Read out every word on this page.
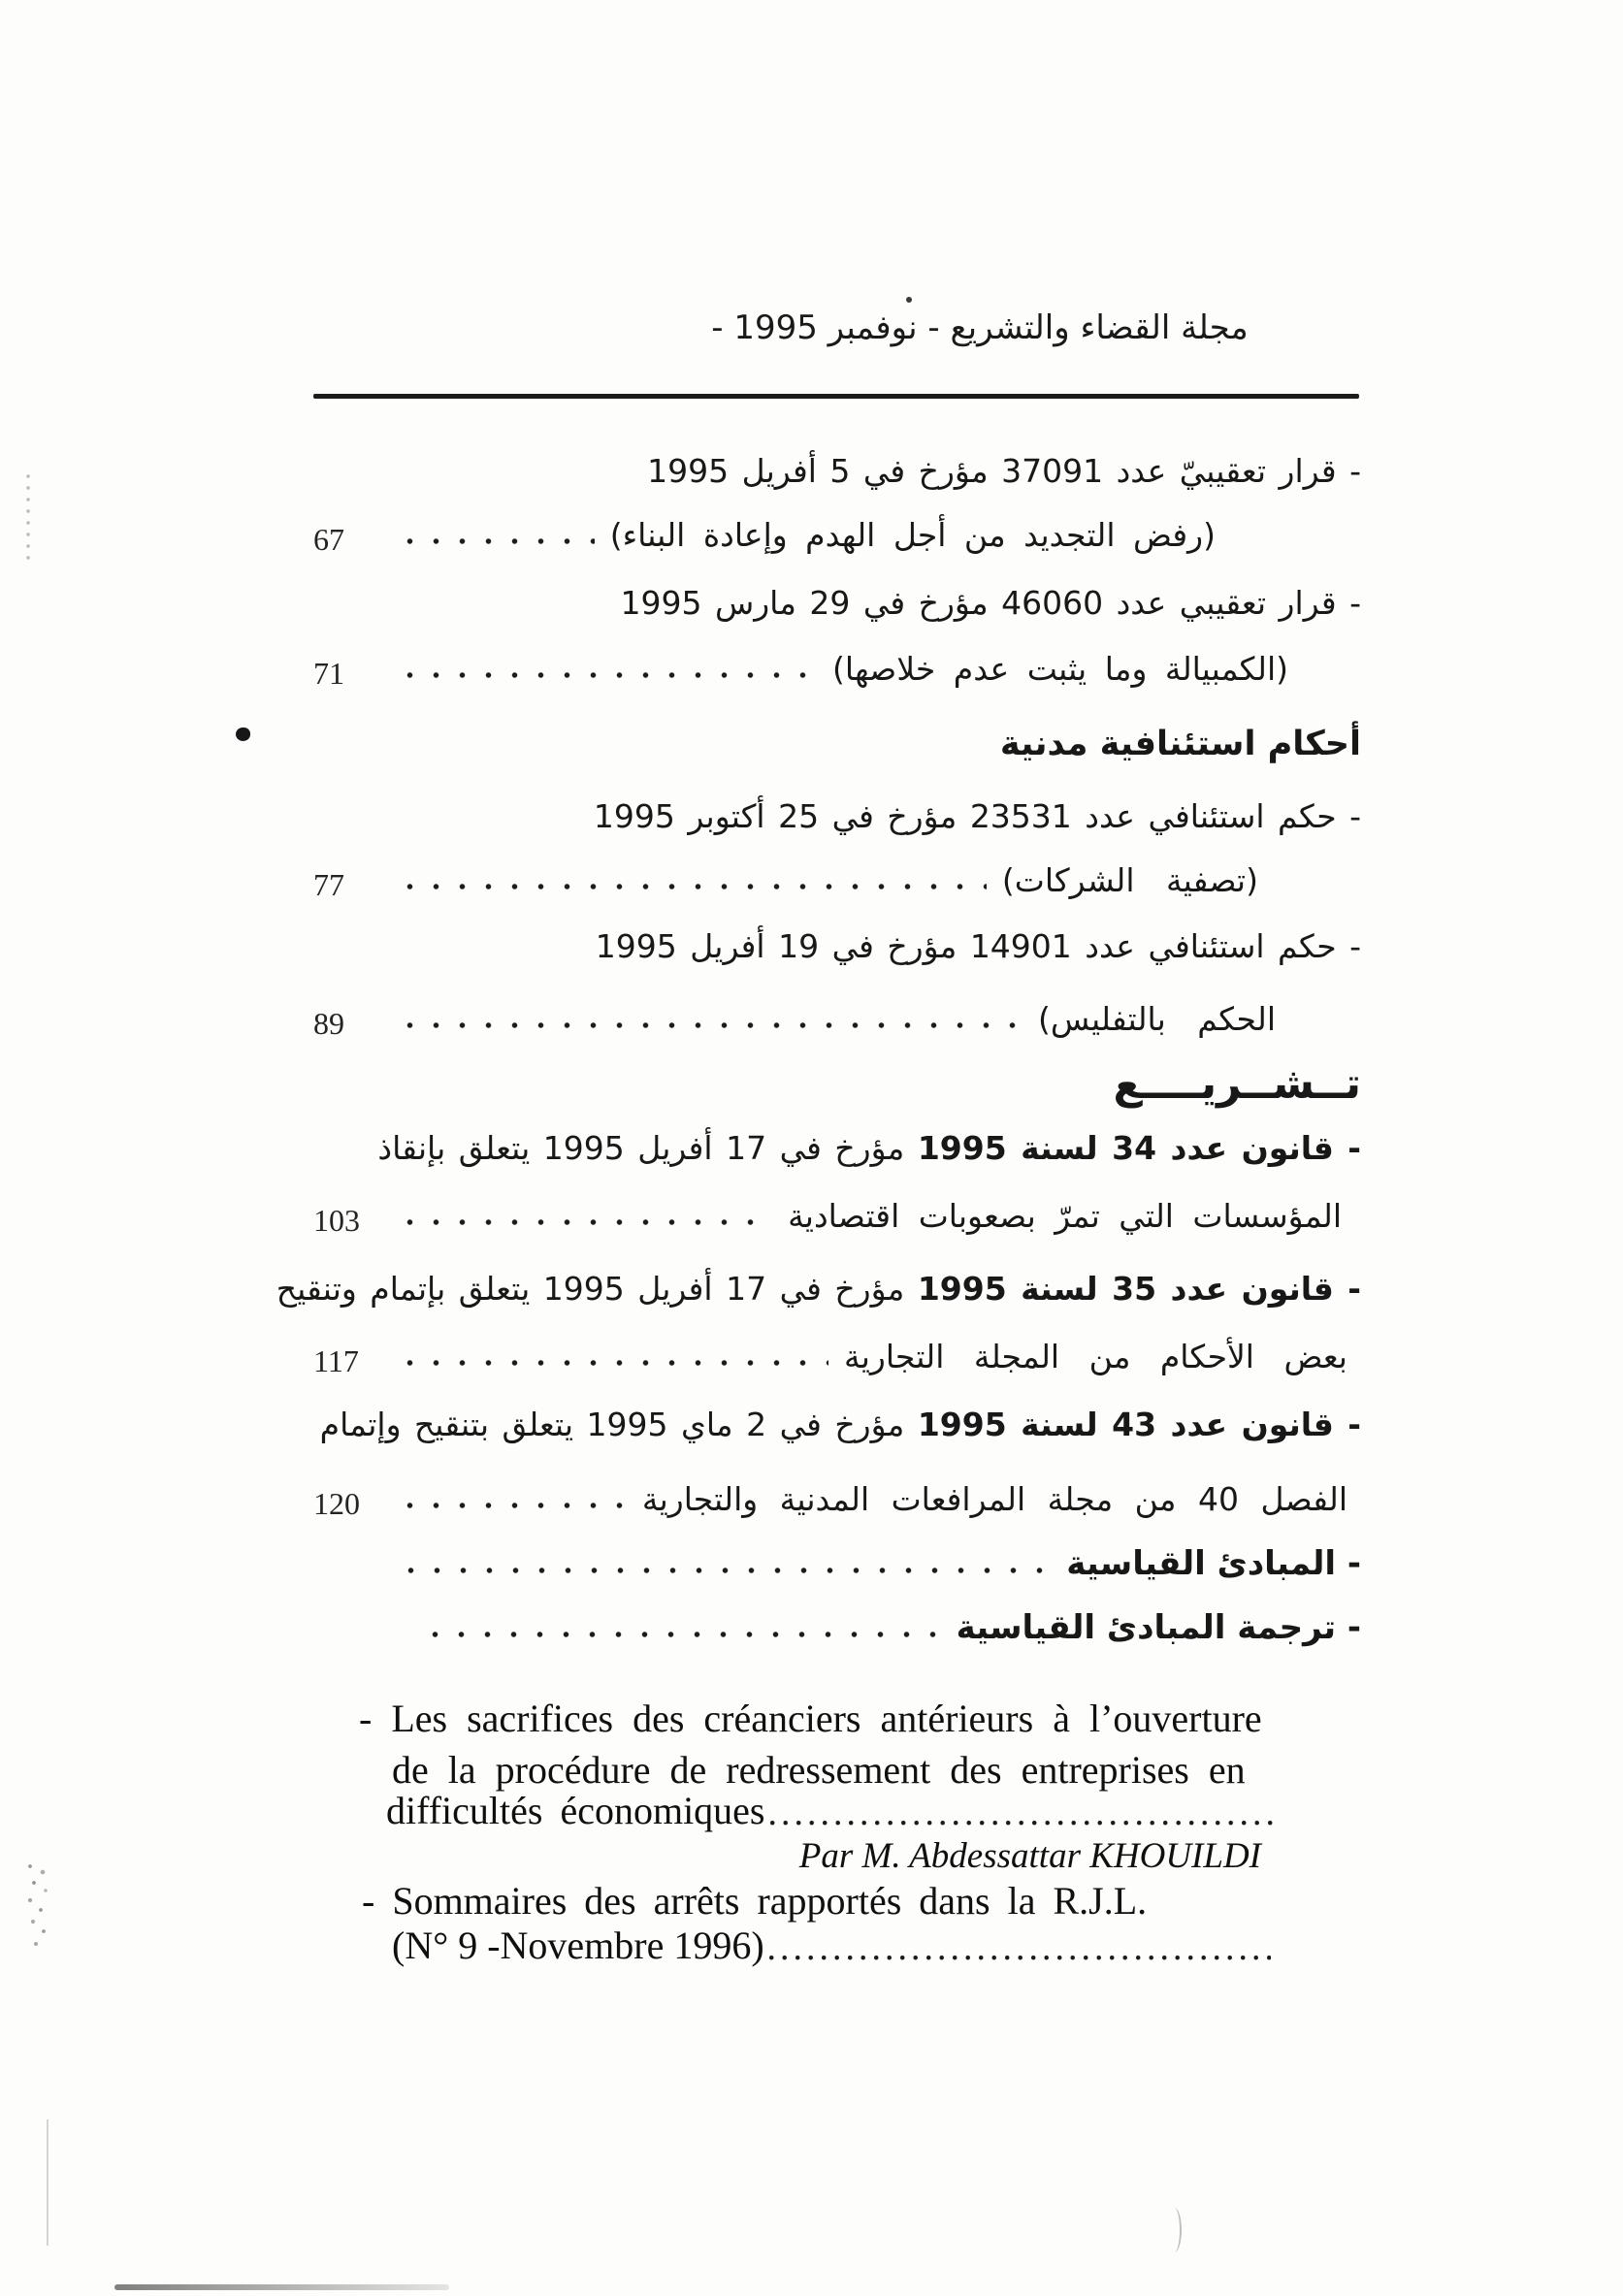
مجلة القضاء والتشريع - نوفمبر 1995 -
- قرار تعقيبيّ عدد 37091 مؤرخ في 5 أفريل 1995
(رفض التجديد من أجل الهدم وإعادة البناء)
67
- قرار تعقيبي عدد 46060 مؤرخ في 29 مارس 1995
(الكمبيالة وما يثبت عدم خلاصها)
71
أحكام استئنافية مدنية
- حكم استئنافي عدد 23531 مؤرخ في 25 أكتوبر 1995
(تصفية الشركات)
77
- حكم استئنافي عدد 14901 مؤرخ في 19 أفريل 1995
الحكم بالتفليس)
89
تــشــريــــع
- قانون عدد 34 لسنة 1995 مؤرخ في 17 أفريل 1995 يتعلق بإنقاذ
المؤسسات التي تمرّ بصعوبات اقتصادية
103
- قانون عدد 35 لسنة 1995 مؤرخ في 17 أفريل 1995 يتعلق بإتمام وتنقيح
بعض الأحكام من المجلة التجارية
117
- قانون عدد 43 لسنة 1995 مؤرخ في 2 ماي 1995 يتعلق بتنقيح وإتمام
الفصل 40 من مجلة المرافعات المدنية والتجارية
120
- المبادئ القياسية
- ترجمة المبادئ القياسية
- Les sacrifices des créanciers antérieurs à l’ouverture
de la procédure de redressement des entreprises en
difficultés économiques
Par M. Abdessattar KHOUILDI
- Sommaires des arrêts rapportés dans la R.J.L.
(N° 9 -Novembre 1996)
